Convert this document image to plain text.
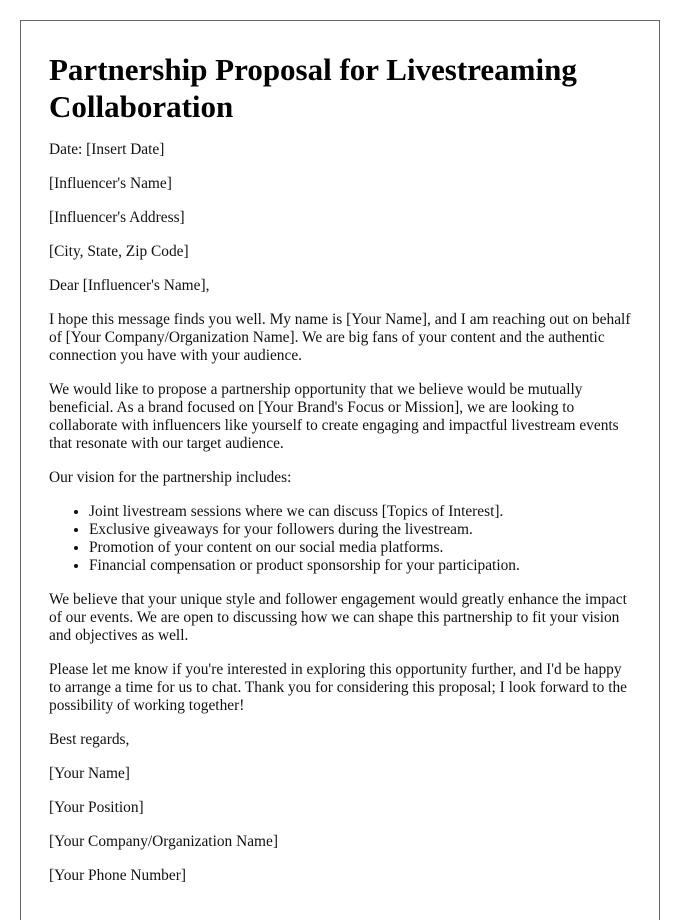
Partnership Proposal for Livestreaming Collaboration

Date: [Insert Date]

[Influencer's Name]

[Influencer's Address]

[City, State, Zip Code]

Dear [Influencer's Name],

I hope this message finds you well. My name is [Your Name], and I am reaching out on behalf of [Your Company/Organization Name]. We are big fans of your content and the authentic connection you have with your audience.

We would like to propose a partnership opportunity that we believe would be mutually beneficial. As a brand focused on [Your Brand's Focus or Mission], we are looking to collaborate with influencers like yourself to create engaging and impactful livestream events that resonate with our target audience.

Our vision for the partnership includes:

• Joint livestream sessions where we can discuss [Topics of Interest].
• Exclusive giveaways for your followers during the livestream.
• Promotion of your content on our social media platforms.
• Financial compensation or product sponsorship for your participation.

We believe that your unique style and follower engagement would greatly enhance the impact of our events. We are open to discussing how we can shape this partnership to fit your vision and objectives as well.

Please let me know if you're interested in exploring this opportunity further, and I'd be happy to arrange a time for us to chat. Thank you for considering this proposal; I look forward to the possibility of working together!

Best regards,

[Your Name]

[Your Position]

[Your Company/Organization Name]

[Your Phone Number]
